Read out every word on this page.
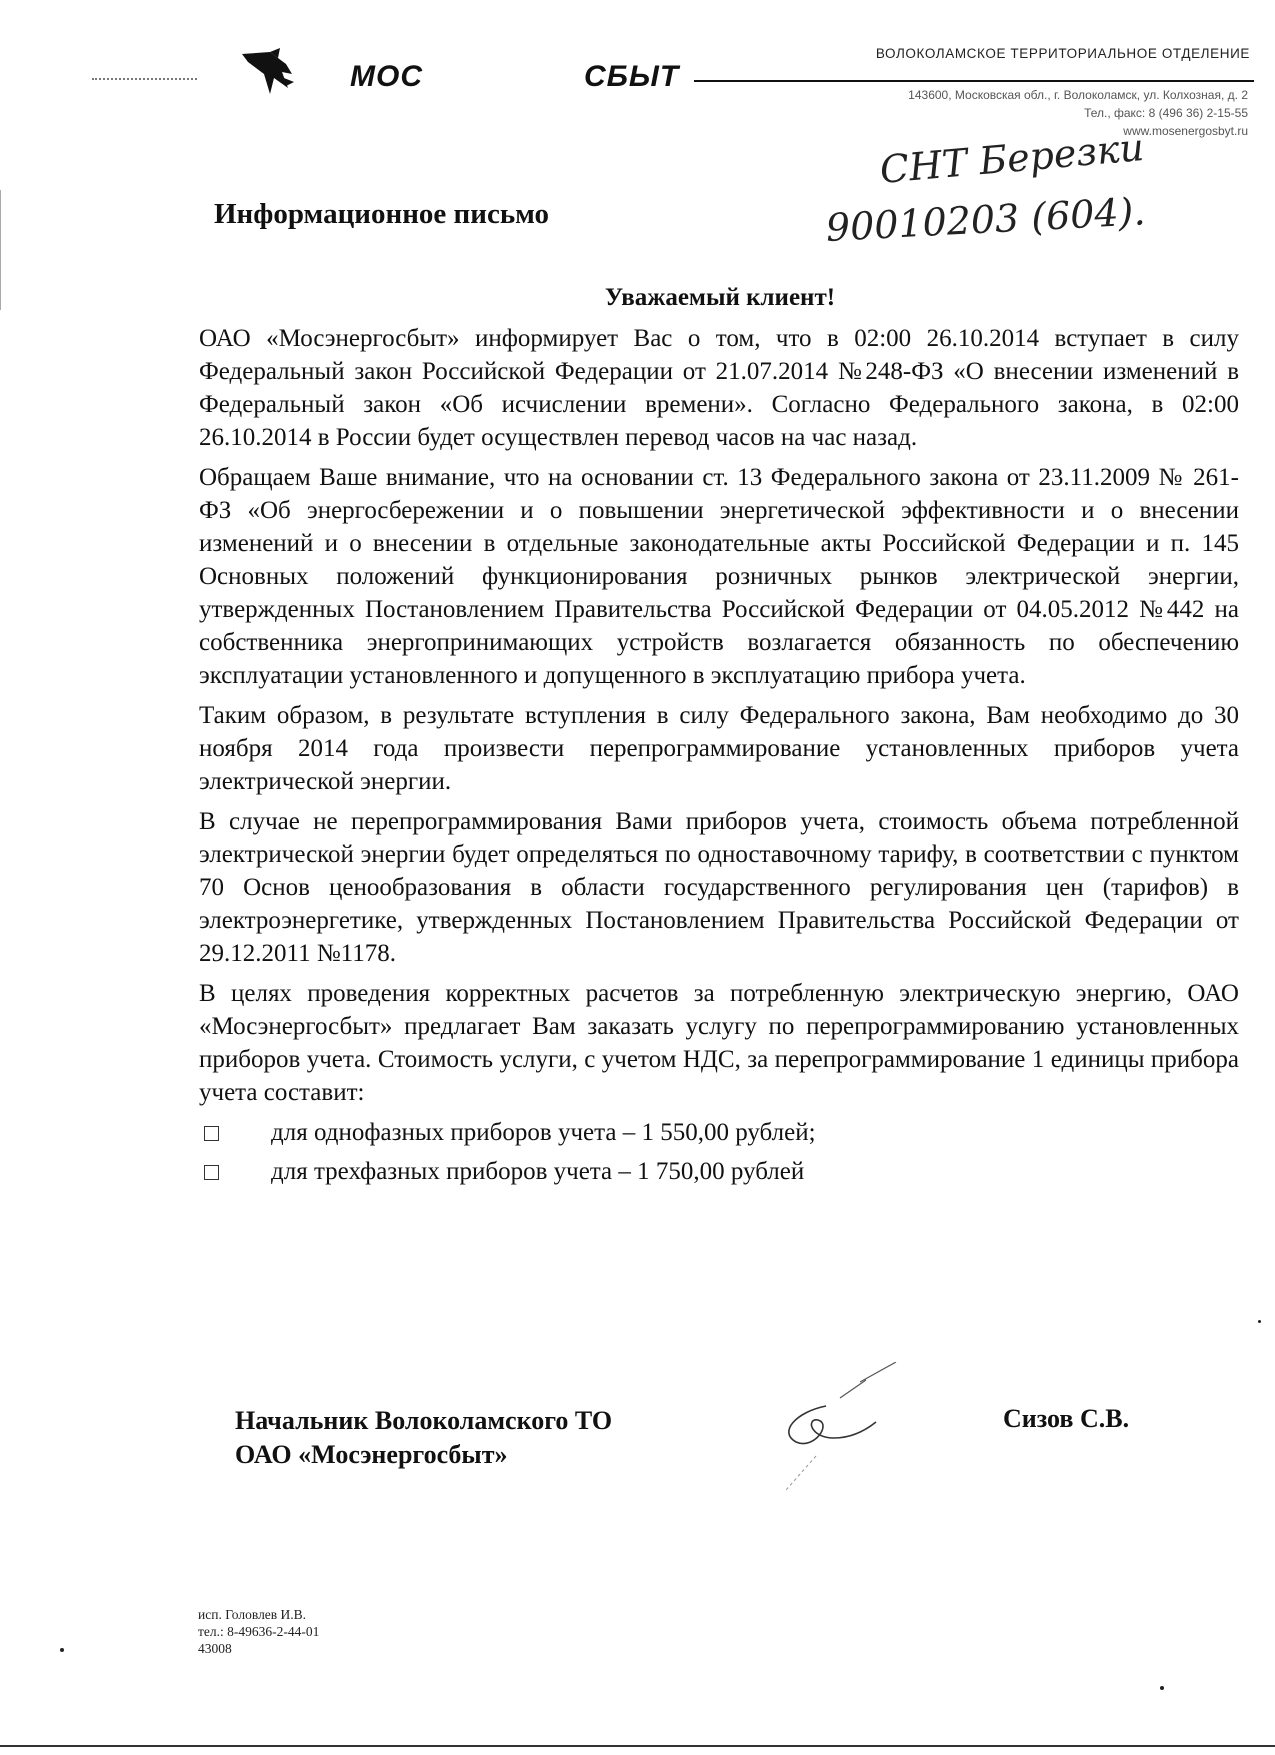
МОС	СБЫТ
ВОЛОКОЛАМСКОЕ ТЕРРИТОРИАЛЬНОЕ ОТДЕЛЕНИЕ
143600, Московская обл., г. Волоколамск, ул. Колхозная, д. 2
Тел., факс: 8 (496 36) 2-15-55
www.mosenergosbyt.ru
СНТ Березки
90010203 (604).
Информационное письмо
Уважаемый клиент!

ОАО «Мосэнергосбыт» информирует Вас о том, что в 02:00 26.10.2014 вступает в силу Федеральный закон Российской Федерации от 21.07.2014 №248-ФЗ «О внесении изменений в Федеральный закон «Об исчислении времени». Согласно Федерального закона, в 02:00 26.10.2014 в России будет осуществлен перевод часов на час назад.

Обращаем Ваше внимание, что на основании ст. 13 Федерального закона от 23.11.2009 № 261-ФЗ «Об энергосбережении и о повышении энергетической эффективности и о внесении изменений и о внесении в отдельные законодательные акты Российской Федерации и п. 145 Основных положений функционирования розничных рынков электрической энергии, утвержденных Постановлением Правительства Российской Федерации от 04.05.2012 №442 на собственника энергопринимающих устройств возлагается обязанность по обеспечению эксплуатации установленного и допущенного в эксплуатацию прибора учета.

Таким образом, в результате вступления в силу Федерального закона, Вам необходимо до 30 ноября 2014 года произвести перепрограммирование установленных приборов учета электрической энергии.

В случае не перепрограммирования Вами приборов учета, стоимость объема потребленной электрической энергии будет определяться по одноставочному тарифу, в соответствии с пунктом 70 Основ ценообразования в области государственного регулирования цен (тарифов) в электроэнергетике, утвержденных Постановлением Правительства Российской Федерации от 29.12.2011 №1178.

В целях проведения корректных расчетов за потребленную электрическую энергию, ОАО «Мосэнергосбыт» предлагает Вам заказать услугу по перепрограммированию установленных приборов учета. Стоимость услуги, с учетом НДС, за перепрограммирование 1 единицы прибора учета составит:

для однофазных приборов учета – 1 550,00 рублей;
для трехфазных приборов учета – 1 750,00 рублей
Начальник Волоколамского ТО
ОАО «Мосэнергосбыт»
Сизов С.В.
исп. Головлев И.В.
тел.: 8-49636-2-44-01
43008
